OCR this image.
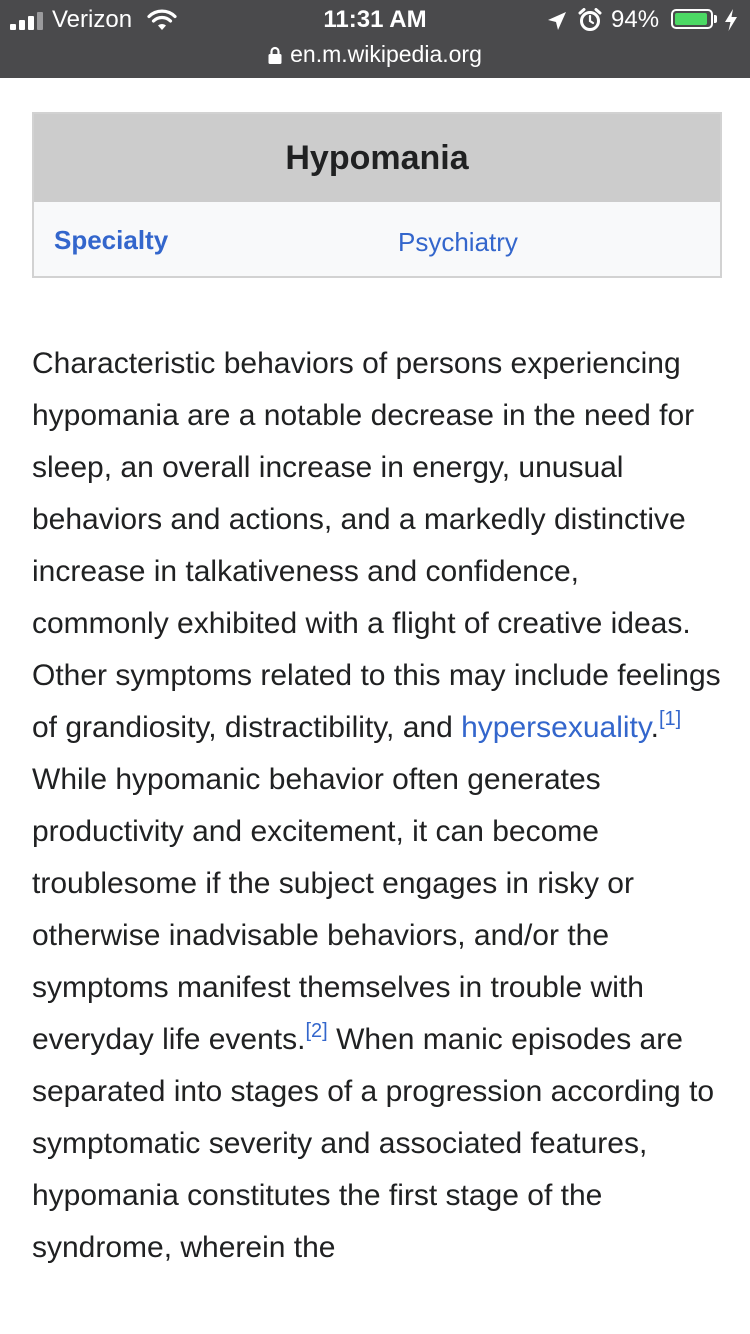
Verizon	11:31 AM	94%
en.m.wikipedia.org
Hypomania
Specialty	Psychiatry

Characteristic behaviors of persons experiencing hypomania are a notable decrease in the need for sleep, an overall increase in energy, unusual behaviors and actions, and a markedly distinctive increase in talkativeness and confidence, commonly exhibited with a flight of creative ideas. Other symptoms related to this may include feelings of grandiosity, distractibility, and hypersexuality.[1] While hypomanic behavior often generates productivity and excitement, it can become troublesome if the subject engages in risky or otherwise inadvisable behaviors, and/or the symptoms manifest themselves in trouble with everyday life events.[2] When manic episodes are separated into stages of a progression according to symptomatic severity and associated features, hypomania constitutes the first stage of the syndrome, wherein the
